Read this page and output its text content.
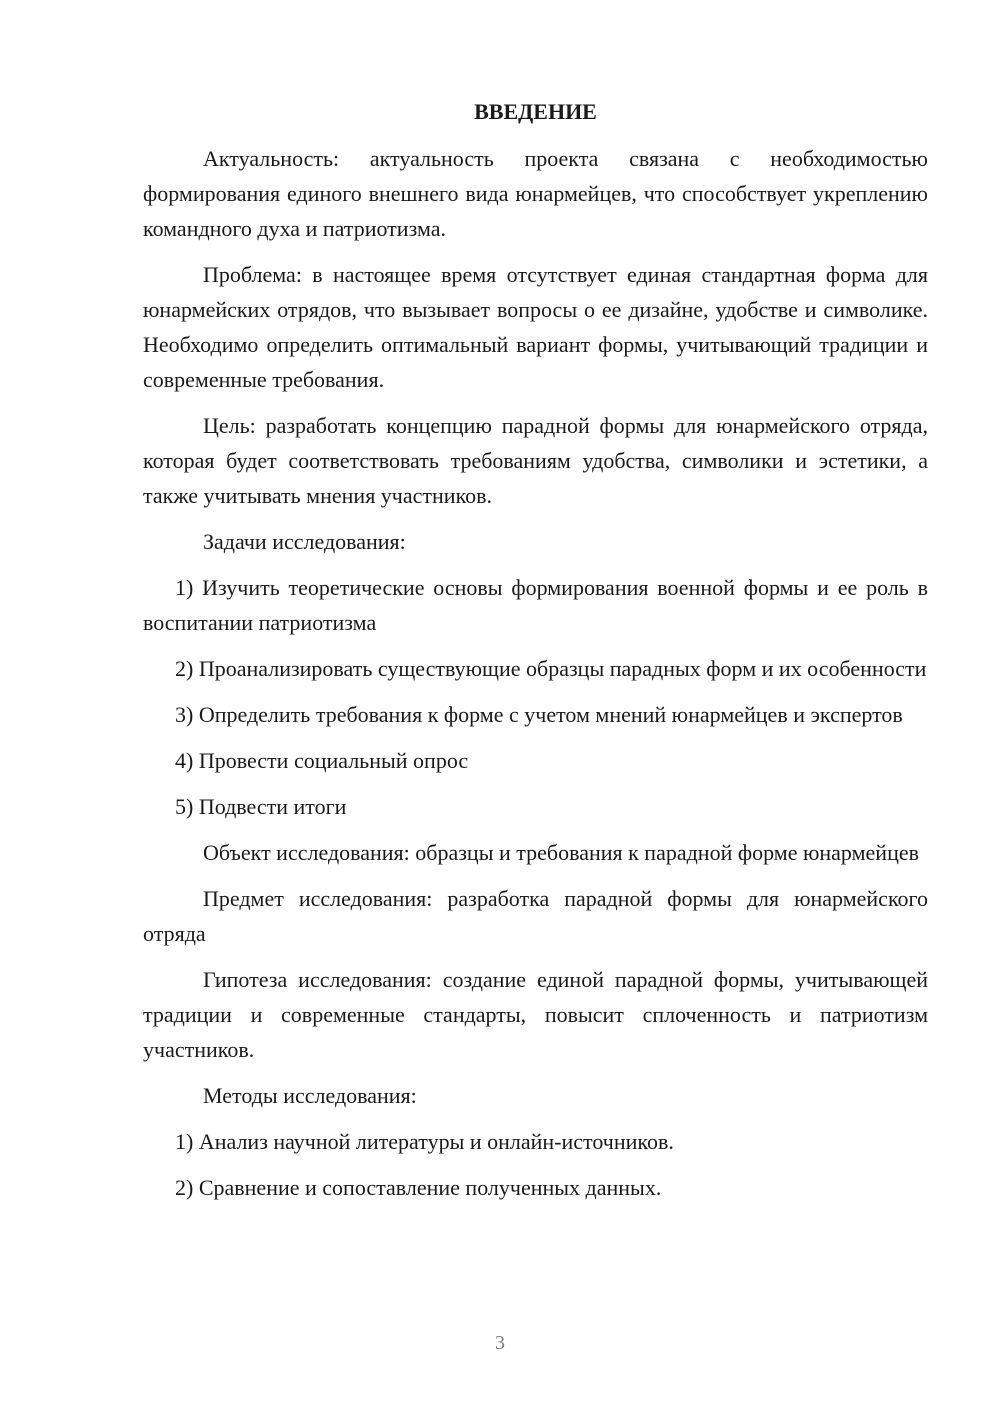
ВВЕДЕНИЕ

Актуальность: актуальность проекта связана с необходимостью формирования единого внешнего вида юнармейцев, что способствует укреплению командного духа и патриотизма.

Проблема: в настоящее время отсутствует единая стандартная форма для юнармейских отрядов, что вызывает вопросы о ее дизайне, удобстве и символике. Необходимо определить оптимальный вариант формы, учитывающий традиции и современные требования.

Цель: разработать концепцию парадной формы для юнармейского отряда, которая будет соответствовать требованиям удобства, символики и эстетики, а также учитывать мнения участников.

Задачи исследования:

1) Изучить теоретические основы формирования военной формы и ее роль в воспитании патриотизма

2) Проанализировать существующие образцы парадных форм и их особенности

3) Определить требования к форме с учетом мнений юнармейцев и экспертов

4) Провести социальный опрос

5) Подвести итоги

Объект исследования: образцы и требования к парадной форме юнармейцев

Предмет исследования: разработка парадной формы для юнармейского отряда

Гипотеза исследования: создание единой парадной формы, учитывающей традиции и современные стандарты, повысит сплоченность и патриотизм участников.

Методы исследования:

1) Анализ научной литературы и онлайн-источников.

2) Сравнение и сопоставление полученных данных.

3
